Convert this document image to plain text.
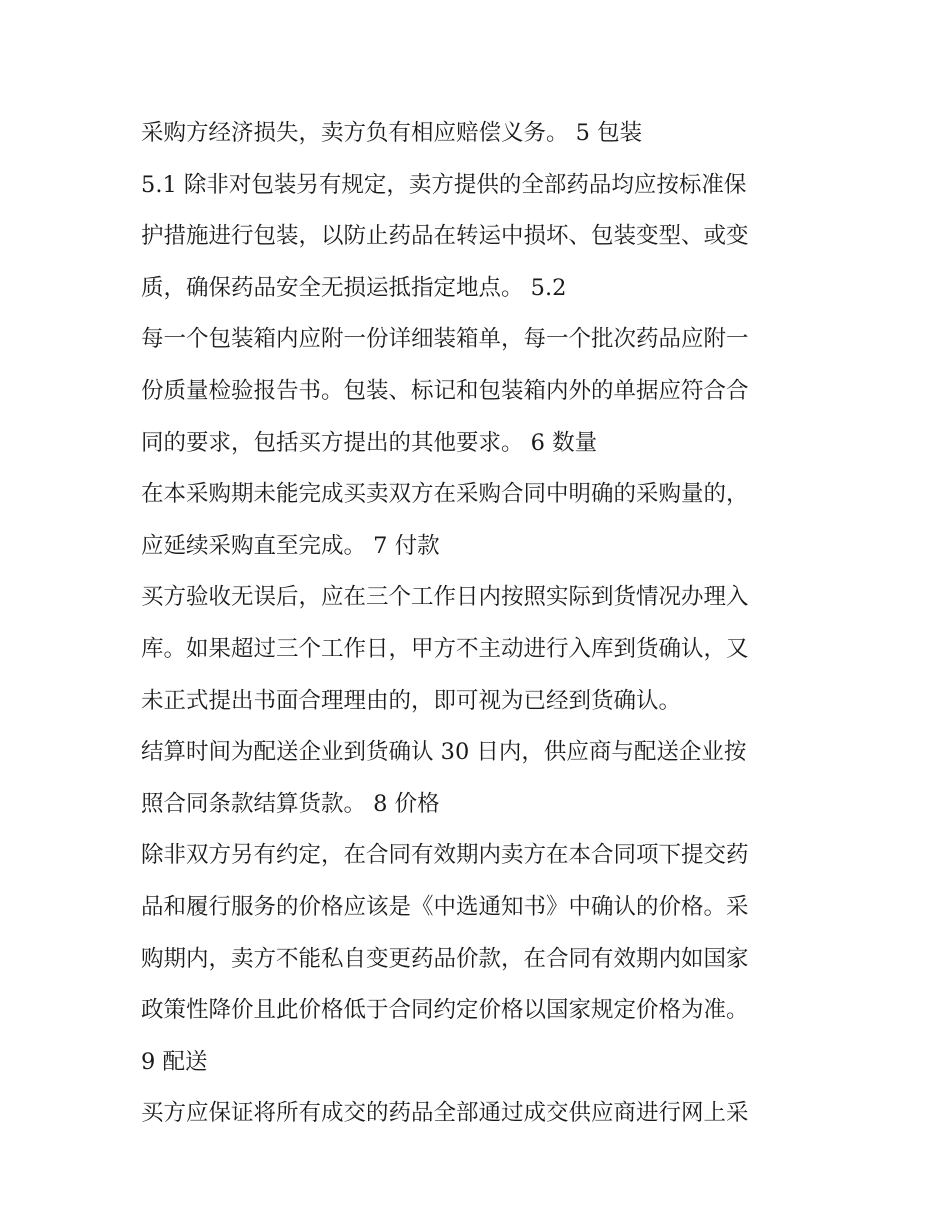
采购方经济损失，卖方负有相应赔偿义务。 5 包装
5.1 除非对包装另有规定，卖方提供的全部药品均应按标准保
护措施进行包装，以防止药品在转运中损坏、包装变型、或变
质，确保药品安全无损运抵指定地点。 5.2
每一个包装箱内应附一份详细装箱单，每一个批次药品应附一
份质量检验报告书。包装、标记和包装箱内外的单据应符合合
同的要求，包括买方提出的其他要求。 6 数量
在本采购期未能完成买卖双方在采购合同中明确的采购量的，
应延续采购直至完成。 7 付款
买方验收无误后，应在三个工作日内按照实际到货情况办理入
库。如果超过三个工作日，甲方不主动进行入库到货确认，又
未正式提出书面合理理由的，即可视为已经到货确认。
结算时间为配送企业到货确认 30 日内，供应商与配送企业按
照合同条款结算货款。 8 价格
除非双方另有约定，在合同有效期内卖方在本合同项下提交药
品和履行服务的价格应该是《中选通知书》中确认的价格。采
购期内，卖方不能私自变更药品价款，在合同有效期内如国家
政策性降价且此价格低于合同约定价格以国家规定价格为准。
9 配送
买方应保证将所有成交的药品全部通过成交供应商进行网上采
